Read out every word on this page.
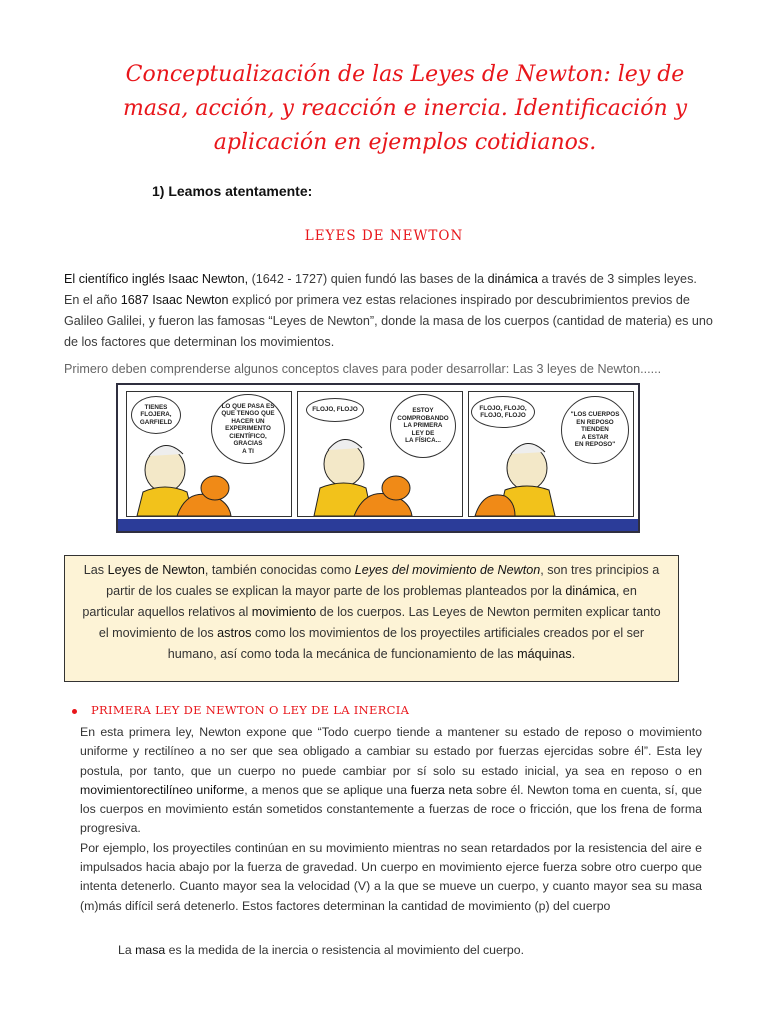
Conceptualización de las Leyes de Newton: ley de masa, acción, y reacción e inercia. Identificación y aplicación en ejemplos cotidianos.
1) Leamos atentamente:
LEYES DE NEWTON
El científico inglés Isaac Newton, (1642 - 1727) quien fundó las bases de la dinámica a través de 3 simples leyes. En el año 1687 Isaac Newton explicó por primera vez estas relaciones inspirado por descubrimientos previos de Galileo Galilei, y fueron las famosas “Leyes de Newton”, donde la masa de los cuerpos (cantidad de materia) es uno de los factores que determinan los movimientos.
Primero deben comprenderse algunos conceptos claves para poder desarrollar: Las 3 leyes de Newton......
TIENES
FLOJERA,
GARFIELD
LO QUE PASA ES
QUE TENGO QUE
HACER UN
EXPERIMENTO
CIENTÍFICO,
GRACIAS
A TI
FLOJO, FLOJO	ESTOY
COMPROBANDO
LA PRIMERA
LEY DE
LA FÍSICA...
FLOJO, FLOJO,
FLOJO, FLOJO	"LOS CUERPOS
EN REPOSO
TIENDEN
A ESTAR
EN REPOSO"
Las Leyes de Newton, también conocidas como Leyes del movimiento de Newton, son tres principios a partir de los cuales se explican la mayor parte de los problemas planteados por la dinámica, en particular aquellos relativos al movimiento de los cuerpos. Las Leyes de Newton permiten explicar tanto el movimiento de los astros como los movimientos de los proyectiles artificiales creados por el ser humano, así como toda la mecánica de funcionamiento de las máquinas.
PRIMERA LEY DE NEWTON O LEY DE LA INERCIA
En esta primera ley, Newton expone que “Todo cuerpo tiende a mantener su estado de reposo o movimiento uniforme y rectilíneo a no ser que sea obligado a cambiar su estado por fuerzas ejercidas sobre él”. Esta ley postula, por tanto, que un cuerpo no puede cambiar por sí solo su estado inicial, ya sea en reposo o en movimientorectilíneo uniforme, a menos que se aplique una fuerza neta sobre él. Newton toma en cuenta, sí, que los cuerpos en movimiento están sometidos constantemente a fuerzas de roce o fricción, que los frena de forma progresiva.
Por ejemplo, los proyectiles continúan en su movimiento mientras no sean retardados por la resistencia del aire e impulsados hacia abajo por la fuerza de gravedad. Un cuerpo en movimiento ejerce fuerza sobre otro cuerpo que intenta detenerlo. Cuanto mayor sea la velocidad (V) a la que se mueve un cuerpo, y cuanto mayor sea su masa (m)más difícil será detenerlo. Estos factores determinan la cantidad de movimiento (p) del cuerpo
La masa es la medida de la inercia o resistencia al movimiento del cuerpo.
